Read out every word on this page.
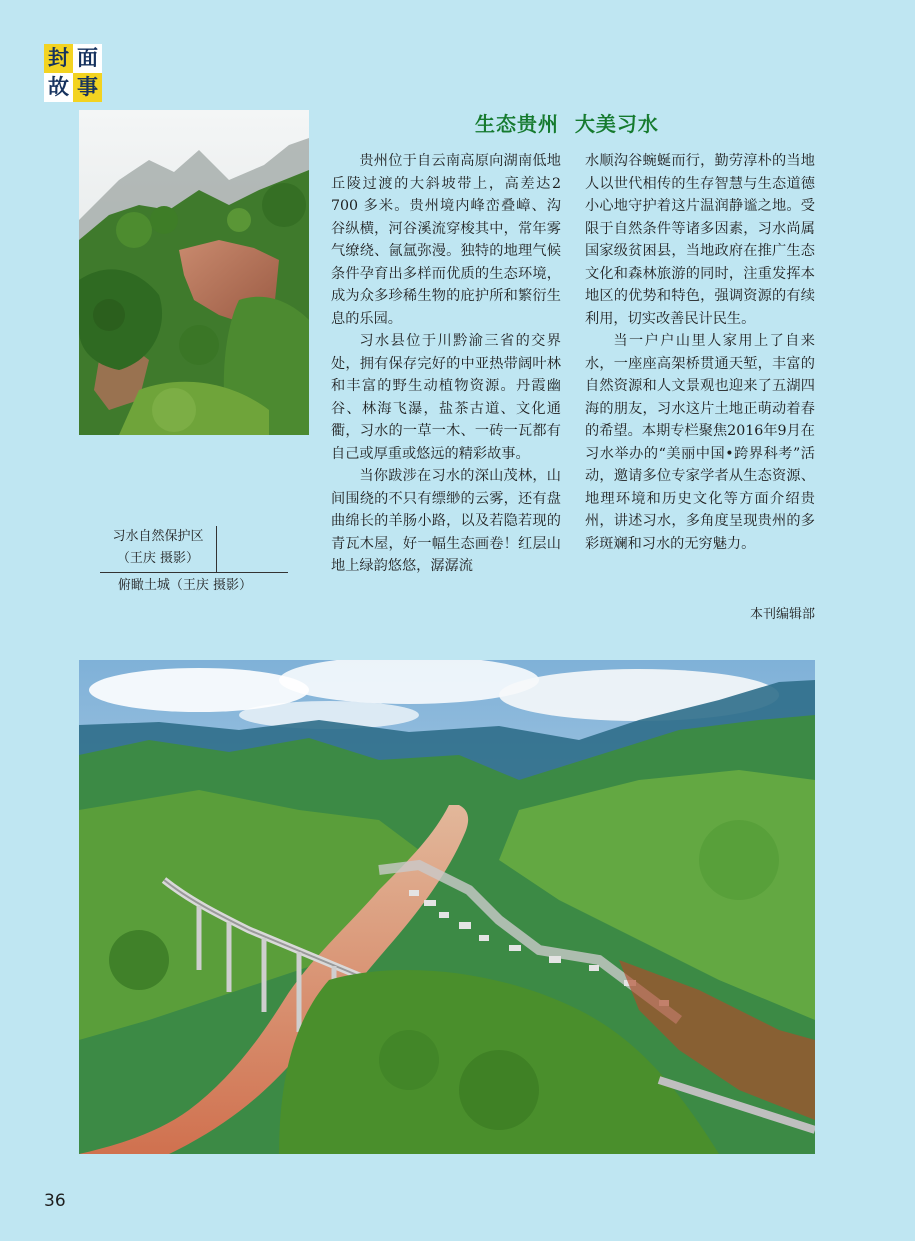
封 面
故 事
习水自然保护区
（王庆 摄影）
俯瞰土城（王庆 摄影）
生态贵州  大美习水

贵州位于自云南高原向湖南低地丘陵过渡的大斜坡带上，高差达2 700 多米。贵州境内峰峦叠嶂、沟谷纵横，河谷溪流穿梭其中，常年雾气缭绕、氤氲弥漫。独特的地理气候条件孕育出多样而优质的生态环境，成为众多珍稀生物的庇护所和繁衍生息的乐园。

习水县位于川黔渝三省的交界处，拥有保存完好的中亚热带阔叶林和丰富的野生动植物资源。丹霞幽谷、林海飞瀑，盐茶古道、文化通衢，习水的一草一木、一砖一瓦都有自己或厚重或悠远的精彩故事。

当你跋涉在习水的深山茂林，山间围绕的不只有缥缈的云雾，还有盘曲绵长的羊肠小路，以及若隐若现的青瓦木屋，好一幅生态画卷！红层山地上绿韵悠悠，潺潺流

水顺沟谷蜿蜒而行，勤劳淳朴的当地人以世代相传的生存智慧与生态道德小心地守护着这片温润静谧之地。受限于自然条件等诸多因素，习水尚属国家级贫困县，当地政府在推广生态文化和森林旅游的同时，注重发挥本地区的优势和特色，强调资源的有续利用，切实改善民计民生。

当一户户山里人家用上了自来水，一座座高架桥贯通天堑，丰富的自然资源和人文景观也迎来了五湖四海的朋友，习水这片土地正萌动着春的希望。本期专栏聚焦2016年9月在习水举办的“美丽中国•跨界科考”活动，邀请多位专家学者从生态资源、地理环境和历史文化等方面介绍贵州，讲述习水，多角度呈现贵州的多彩斑斓和习水的无穷魅力。

本刊编辑部
36
